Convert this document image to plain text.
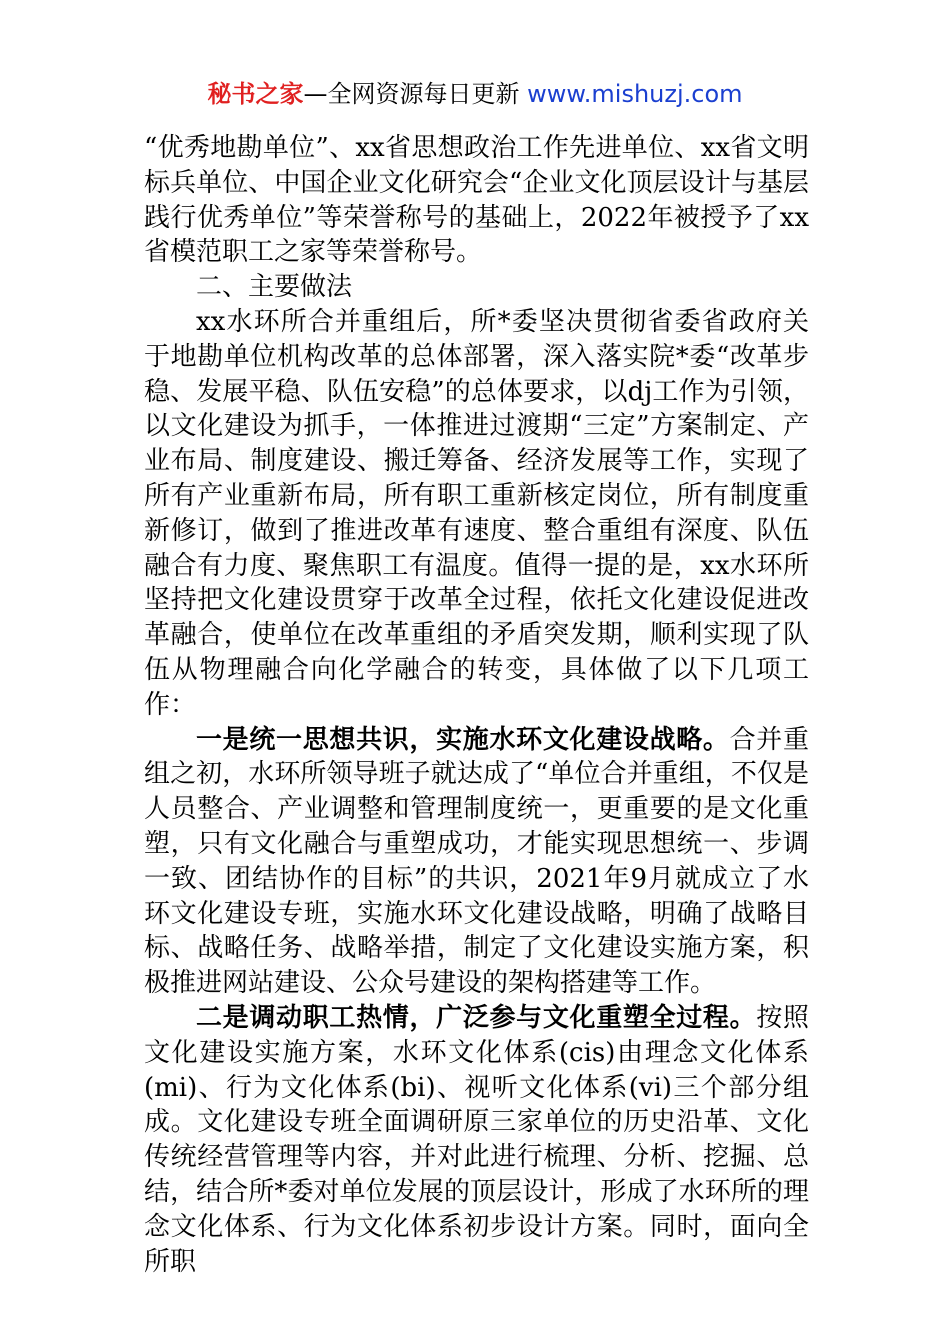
秘书之家—全网资源每日更新 www.mishuzj.com

“优秀地勘单位”、xx省思想政治工作先进单位、xx省文明标兵单位、中国企业文化研究会“企业文化顶层设计与基层践行优秀单位”等荣誉称号的基础上，2022年被授予了xx省模范职工之家等荣誉称号。

二、主要做法

xx水环所合并重组后，所*委坚决贯彻省委省政府关于地勘单位机构改革的总体部署，深入落实院*委“改革步稳、发展平稳、队伍安稳”的总体要求，以dj工作为引领，以文化建设为抓手，一体推进过渡期“三定”方案制定、产业布局、制度建设、搬迁筹备、经济发展等工作，实现了所有产业重新布局，所有职工重新核定岗位，所有制度重新修订，做到了推进改革有速度、整合重组有深度、队伍融合有力度、聚焦职工有温度。值得一提的是，xx水环所坚持把文化建设贯穿于改革全过程，依托文化建设促进改革融合，使单位在改革重组的矛盾突发期，顺利实现了队伍从物理融合向化学融合的转变，具体做了以下几项工作：

一是统一思想共识，实施水环文化建设战略。合并重组之初，水环所领导班子就达成了“单位合并重组，不仅是人员整合、产业调整和管理制度统一，更重要的是文化重塑，只有文化融合与重塑成功，才能实现思想统一、步调一致、团结协作的目标”的共识，2021年9月就成立了水环文化建设专班，实施水环文化建设战略，明确了战略目标、战略任务、战略举措，制定了文化建设实施方案，积极推进网站建设、公众号建设的架构搭建等工作。

二是调动职工热情，广泛参与文化重塑全过程。按照文化建设实施方案，水环文化体系(cis)由理念文化体系(mi)、行为文化体系(bi)、视听文化体系(vi)三个部分组成。文化建设专班全面调研原三家单位的历史沿革、文化传统经营管理等内容，并对此进行梳理、分析、挖掘、总结，结合所*委对单位发展的顶层设计，形成了水环所的理念文化体系、行为文化体系初步设计方案。同时，面向全所职
